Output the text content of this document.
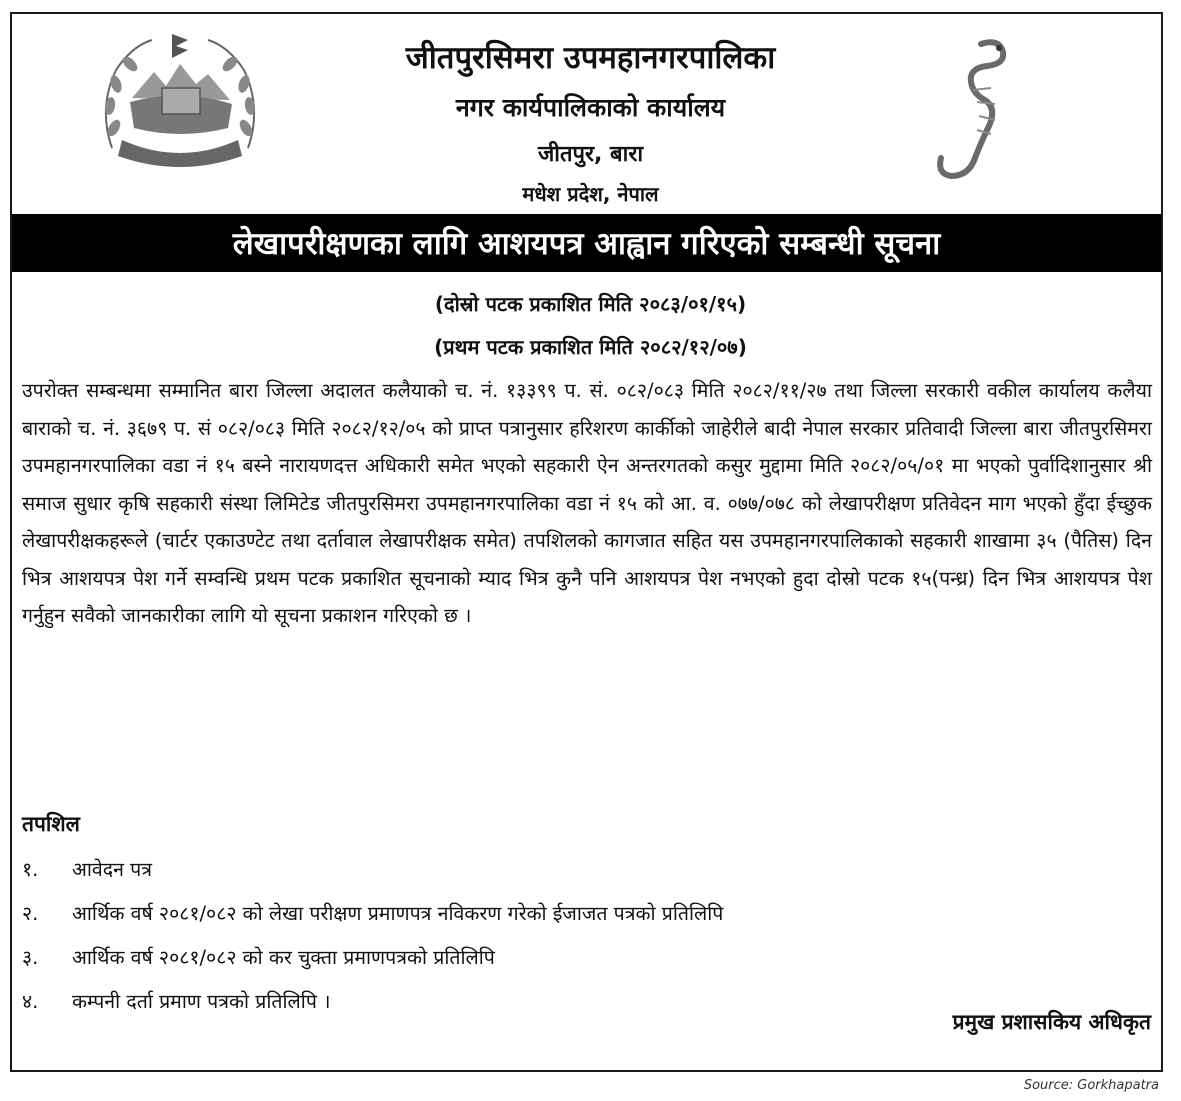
जीतपुरसिमरा उपमहानगरपालिका
नगर कार्यपालिकाको कार्यालय
जीतपुर, बारा
मधेश प्रदेश, नेपाल
लेखापरीक्षणका लागि आशयपत्र आह्वान गरिएको सम्बन्धी सूचना
(दोस्रो पटक प्रकाशित मिति २०८३/०१/१५)
(प्रथम पटक प्रकाशित मिति २०८२/१२/०७)
उपरोक्त सम्बन्धमा सम्मानित बारा जिल्ला अदालत कलैयाको च. नं. १३३९९ प. सं. ०८२/०८३ मिति २०८२/११/२७ तथा जिल्ला सरकारी वकील कार्यालय कलैया बाराको च. नं. ३६७९ प. सं ०८२/०८३ मिति २०८२/१२/०५ को प्राप्त पत्रानुसार हरिशरण कार्कीको जाहेरीले बादी नेपाल सरकार प्रतिवादी जिल्ला बारा जीतपुरसिमरा उपमहानगरपालिका वडा नं १५ बस्ने नारायणदत्त अधिकारी समेत भएको सहकारी ऐन अन्तरगतको कसुर मुद्दामा मिति २०८२/०५/०१ मा भएको पुर्वादिशानुसार श्री समाज सुधार कृषि सहकारी संस्था लिमिटेड जीतपुरसिमरा उपमहानगरपालिका वडा नं १५ को आ. व. ०७७/०७८ को लेखापरीक्षण प्रतिवेदन माग भएको हुँदा ईच्छुक लेखापरीक्षकहरूले (चार्टर एकाउण्टेट तथा दर्तावाल लेखापरीक्षक समेत) तपशिलको कागजात सहित यस उपमहानगरपालिकाको सहकारी शाखामा ३५ (पैतिस) दिन भित्र आशयपत्र पेश गर्ने सम्वन्धि प्रथम पटक प्रकाशित सूचनाको म्याद भित्र कुनै पनि आशयपत्र पेश नभएको हुदा दोस्रो पटक १५(पन्ध्र) दिन भित्र आशयपत्र पेश गर्नुहुन सवैको जानकारीका लागि यो सूचना प्रकाशन गरिएको छ ।
तपशिल
१.	आवेदन पत्र
२.	आर्थिक वर्ष २०८१/०८२ को लेखा परीक्षण प्रमाणपत्र नविकरण गरेको ईजाजत पत्रको प्रतिलिपि
३.	आर्थिक वर्ष २०८१/०८२ को कर चुक्ता प्रमाणपत्रको प्रतिलिपि
४.	कम्पनी दर्ता प्रमाण पत्रको प्रतिलिपि ।
प्रमुख प्रशासकिय अधिकृत
Source: Gorkhapatra
